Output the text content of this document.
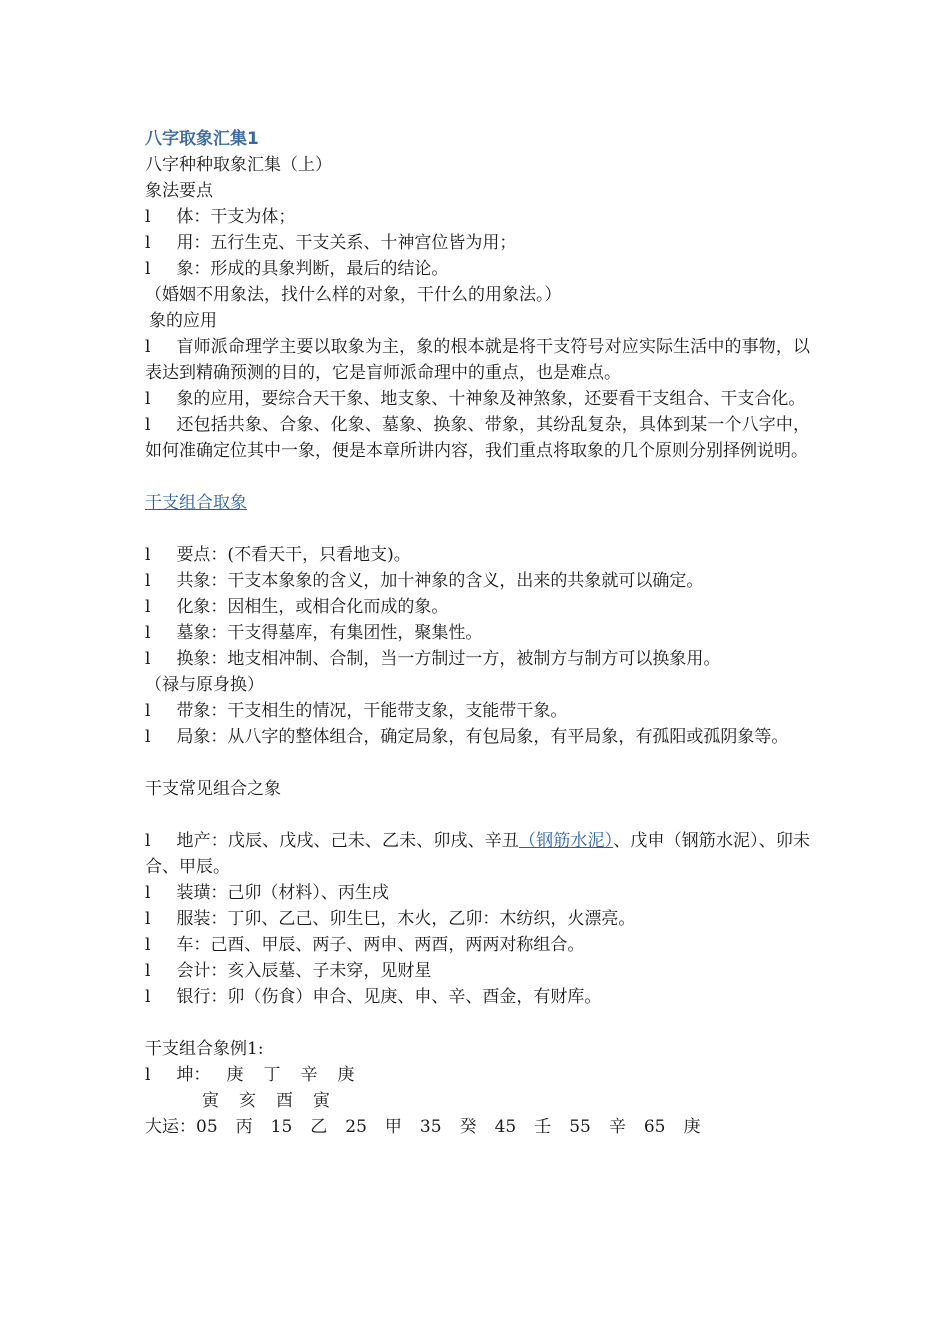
八字取象汇集1
八字种种取象汇集（上）
象法要点
l 体：干支为体；
l 用：五行生克、干支关系、十神宫位皆为用；
l 象：形成的具象判断，最后的结论。
（婚姻不用象法，找什么样的对象，干什么的用象法。）
象的应用
l 盲师派命理学主要以取象为主，象的根本就是将干支符号对应实际生活中的事物，以表达到精确预测的目的，它是盲师派命理中的重点，也是难点。
l 象的应用，要综合天干象、地支象、十神象及神煞象，还要看干支组合、干支合化。
l 还包括共象、合象、化象、墓象、换象、带象，其纷乱复杂，具体到某一个八字中，如何准确定位其中一象，便是本章所讲内容，我们重点将取象的几个原则分别择例说明。
干支组合取象
l 要点：(不看天干，只看地支)。
l 共象：干支本象象的含义，加十神象的含义，出来的共象就可以确定。
l 化象：因相生，或相合化而成的象。
l 墓象：干支得墓库，有集团性，聚集性。
l 换象：地支相冲制、合制，当一方制过一方，被制方与制方可以换象用。
（禄与原身换）
l 带象：干支相生的情况，干能带支象，支能带干象。
l 局象：从八字的整体组合，确定局象，有包局象，有平局象，有孤阳或孤阴象等。
干支常见组合之象
l 地产：戊辰、戊戌、己未、乙未、卯戌、辛丑（钢筋水泥）、戊申（钢筋水泥）、卯未合、甲辰。
l 装璜：己卯（材料）、丙生戌
l 服装：丁卯、乙己、卯生巳，木火，乙卯：木纺织，火漂亮。
l 车：己酉、甲辰、两子、两申、两酉，两两对称组合。
l 会计：亥入辰墓、子未穿，见财星
l 银行：卯（伤食）申合、见庚、申、辛、酉金，有财库。
干支组合象例1:
l 坤： 庚 丁 辛 庚
寅 亥 酉 寅
大运：05 丙 15 乙 25 甲 35 癸 45 壬 55 辛 65 庚
